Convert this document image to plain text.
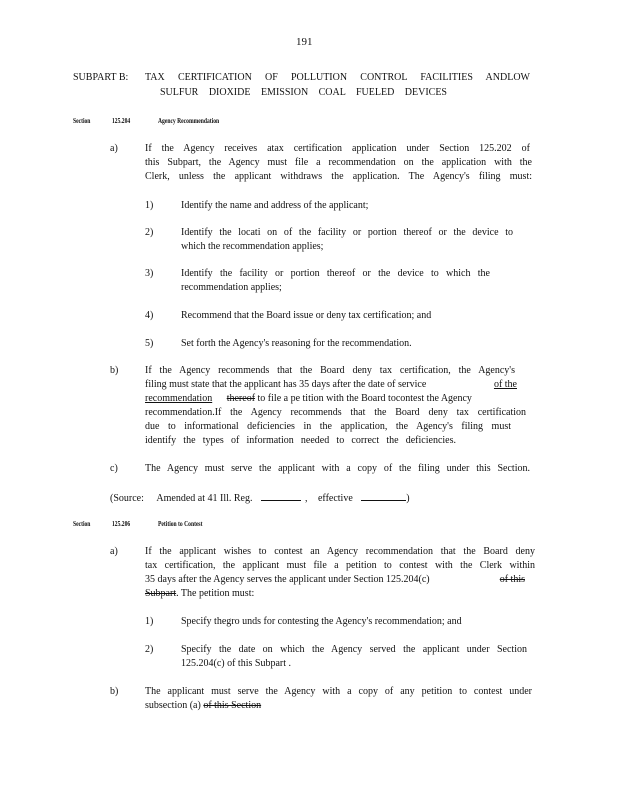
191
SUBPART B: TAX CERTIFICATION OF POLLUTION CONTROL FACILITIES ANDLOW
SULFUR DIOXIDE EMISSION COAL FUELED DEVICES
Section	125.204	Agency Recommendation
a)	If the Agency receives atax certification application under Section 125.202 of
this Subpart, the Agency must file a recommendation on the application with the
Clerk, unless the applicant withdraws the application. The Agency's filing must:
1)	Identify the name and address of the applicant;
2)	Identify the locati on of the facility or portion thereof or the device to
which the recommendation applies;
3)	Identify the facility or portion thereof or the device to which the
recommendation applies;
4)	Recommend that the Board issue or deny tax certification; and
5)	Set forth the Agency's reasoning for the recommendation.
b)	If the Agency recommends that the Board deny tax certification, the Agency's
filing must state that the applicant has 35 days after the date of service	of the
recommendation thereof to file a pe tition with the Board tocontest the Agency
recommendation.If the Agency recommends that the Board deny tax certification
due to informational deficiencies in the application, the Agency's filing must
identify the types of information needed to correct the deficiencies.
c)	The Agency must serve the applicant with a copy of the filing under this Section.
(Source: Amended at 41 Ill. Reg.	, effective	)
Section	125.206	Petition to Contest
a)	If the applicant wishes to contest an Agency recommendation that the Board deny
tax certification, the applicant must file a petition to contest with the Clerk within
35 days after the Agency serves the applicant under Section 125.204(c)	of this
Subpart. The petition must:
1)	Specify thegro unds for contesting the Agency's recommendation; and
2)	Specify the date on which the Agency served the applicant under Section
125.204(c) of this Subpart .
b)	The applicant must serve the Agency with a copy of any petition to contest under
subsection (a) of this Section
